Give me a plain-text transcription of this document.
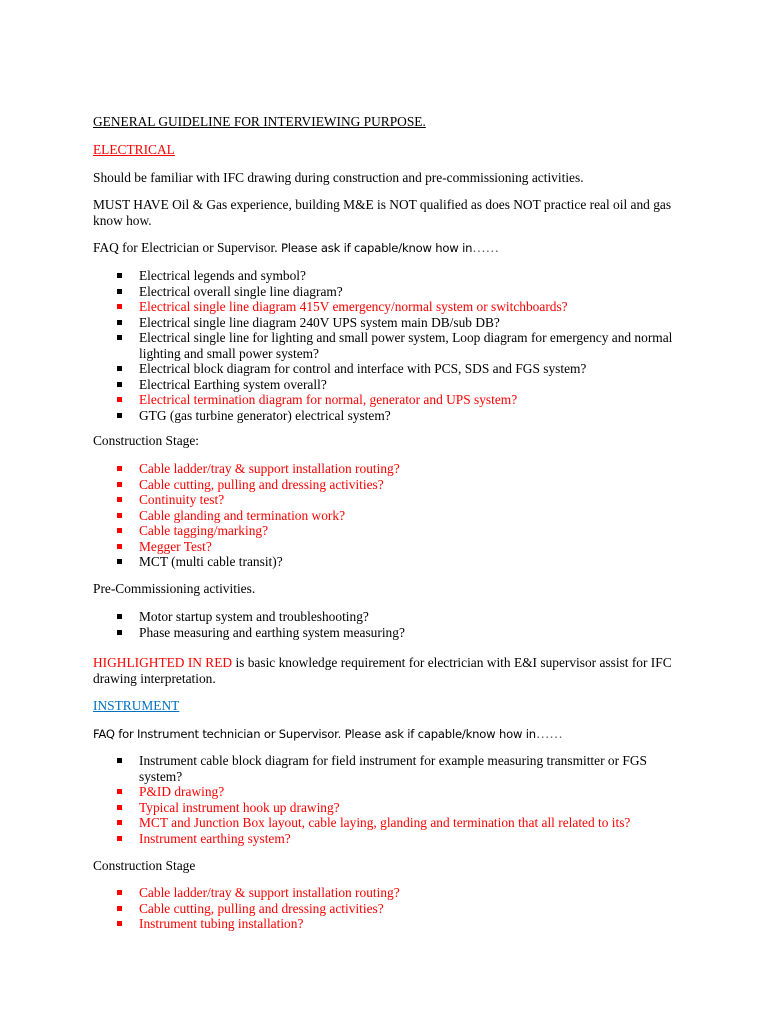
GENERAL GUIDELINE FOR INTERVIEWING PURPOSE.

ELECTRICAL

Should be familiar with IFC drawing during construction and pre-commissioning activities.

MUST HAVE Oil & Gas experience, building M&E is NOT qualified as does NOT practice real oil and gas know how.

FAQ for Electrician or Supervisor. Please ask if capable/know how in……

Electrical legends and symbol?
Electrical overall single line diagram?
Electrical single line diagram 415V emergency/normal system or switchboards?
Electrical single line diagram 240V UPS system main DB/sub DB?
Electrical single line for lighting and small power system, Loop diagram for emergency and normal lighting and small power system?
Electrical block diagram for control and interface with PCS, SDS and FGS system?
Electrical Earthing system overall?
Electrical termination diagram for normal, generator and UPS system?
GTG (gas turbine generator) electrical system?

Construction Stage:

Cable ladder/tray & support installation routing?
Cable cutting, pulling and dressing activities?
Continuity test?
Cable glanding and termination work?
Cable tagging/marking?
Megger Test?
MCT (multi cable transit)?

Pre-Commissioning activities.

Motor startup system and troubleshooting?
Phase measuring and earthing system measuring?

HIGHLIGHTED IN RED is basic knowledge requirement for electrician with E&I supervisor assist for IFC drawing interpretation.

INSTRUMENT

FAQ for Instrument technician or Supervisor. Please ask if capable/know how in……

Instrument cable block diagram for field instrument for example measuring transmitter or FGS system?
P&ID drawing?
Typical instrument hook up drawing?
MCT and Junction Box layout, cable laying, glanding and termination that all related to its?
Instrument earthing system?

Construction Stage

Cable ladder/tray & support installation routing?
Cable cutting, pulling and dressing activities?
Instrument tubing installation?
